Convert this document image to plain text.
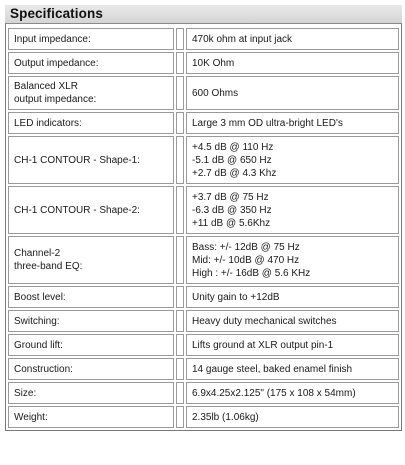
Specifications
Input impedance:		470k ohm at input jack

Output impedance:		10K Ohm

Balanced XLR
output impedance:		600 Ohms

LED indicators:		Large 3 mm OD ultra-bright LED's

CH-1 CONTOUR - Shape-1:		+4.5 dB @ 110 Hz
-5.1 dB @ 650 Hz
+2.7 dB @ 4.3 Khz

CH-1 CONTOUR - Shape-2:		+3.7 dB @ 75 Hz
-6.3 dB @ 350 Hz
+11 dB @ 5.6Khz

Channel-2
three-band EQ:		Bass: +/- 12dB @ 75 Hz
Mid: +/- 10dB @ 470 Hz
High : +/- 16dB @ 5.6 KHz

Boost level:		Unity gain to +12dB

Switching:		Heavy duty mechanical switches

Ground lift:		Lifts ground at XLR output pin-1

Construction:		14 gauge steel, baked enamel finish

Size:		6.9x4.25x2.125" (175 x 108 x 54mm)

Weight:		2.35lb (1.06kg)
